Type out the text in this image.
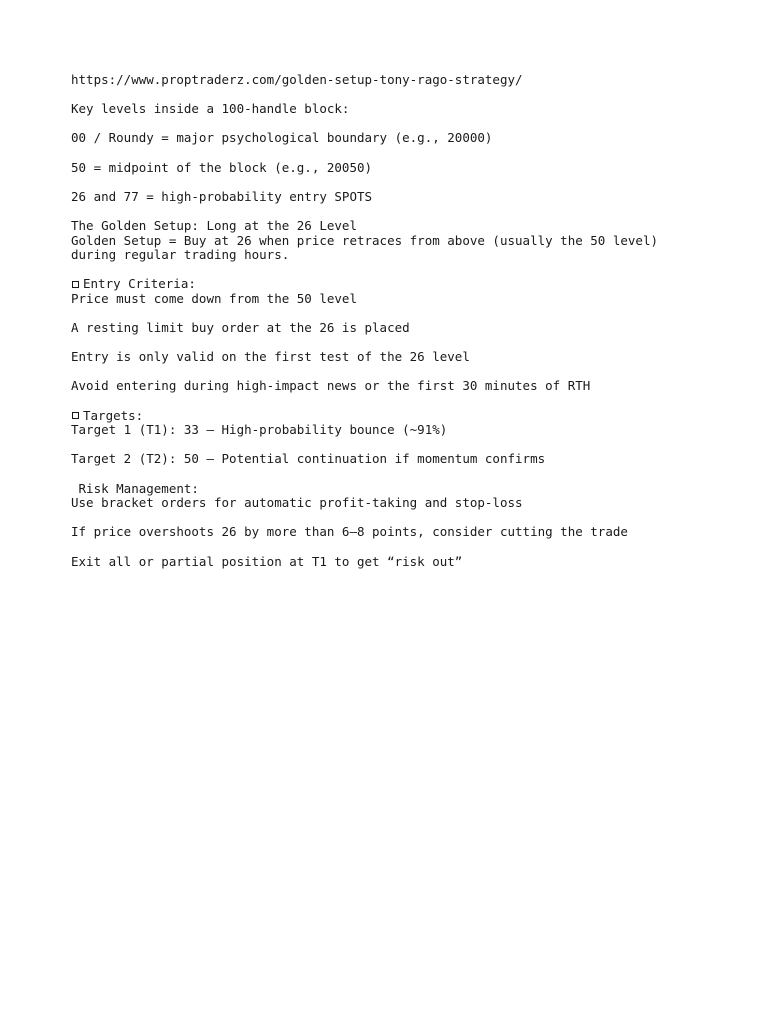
https://www.proptraderz.com/golden-setup-tony-rago-strategy/
Key levels inside a 100-handle block:
00 / Roundy = major psychological boundary (e.g., 20000)
50 = midpoint of the block (e.g., 20050)
26 and 77 = high-probability entry SPOTS
The Golden Setup: Long at the 26 Level
Golden Setup = Buy at 26 when price retraces from above (usually the 50 level)
during regular trading hours.
Entry Criteria:
Price must come down from the 50 level
A resting limit buy order at the 26 is placed
Entry is only valid on the first test of the 26 level
Avoid entering during high-impact news or the first 30 minutes of RTH
Targets:
Target 1 (T1): 33 – High-probability bounce (~91%)
Target 2 (T2): 50 – Potential continuation if momentum confirms
Risk Management:
Use bracket orders for automatic profit-taking and stop-loss
If price overshoots 26 by more than 6–8 points, consider cutting the trade
Exit all or partial position at T1 to get “risk out”
